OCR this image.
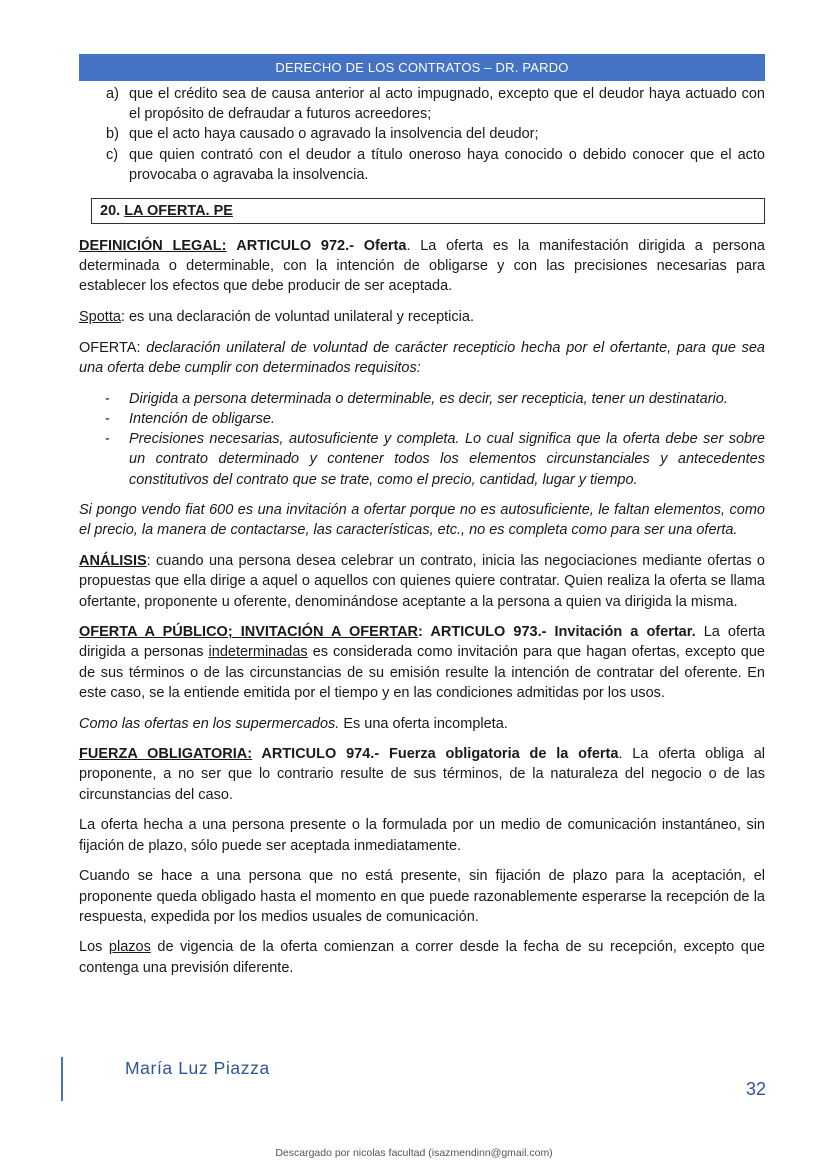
DERECHO DE LOS CONTRATOS – DR. PARDO
a) que el crédito sea de causa anterior al acto impugnado, excepto que el deudor haya actuado con el propósito de defraudar a futuros acreedores;
b) que el acto haya causado o agravado la insolvencia del deudor;
c) que quien contrató con el deudor a título oneroso haya conocido o debido conocer que el acto provocaba o agravaba la insolvencia.
20. LA OFERTA. PE

DEFINICIÓN LEGAL: ARTICULO 972.- Oferta. La oferta es la manifestación dirigida a persona determinada o determinable, con la intención de obligarse y con las precisiones necesarias para establecer los efectos que debe producir de ser aceptada.

Spotta: es una declaración de voluntad unilateral y recepticia.

OFERTA: declaración unilateral de voluntad de carácter recepticio hecha por el ofertante, para que sea una oferta debe cumplir con determinados requisitos:

- Dirigida a persona determinada o determinable, es decir, ser recepticia, tener un destinatario.
- Intención de obligarse.
- Precisiones necesarias, autosuficiente y completa. Lo cual significa que la oferta debe ser sobre un contrato determinado y contener todos los elementos circunstanciales y antecedentes constitutivos del contrato que se trate, como el precio, cantidad, lugar y tiempo.

Si pongo vendo fiat 600 es una invitación a ofertar porque no es autosuficiente, le faltan elementos, como el precio, la manera de contactarse, las características, etc., no es completa como para ser una oferta.

ANÁLISIS: cuando una persona desea celebrar un contrato, inicia las negociaciones mediante ofertas o propuestas que ella dirige a aquel o aquellos con quienes quiere contratar. Quien realiza la oferta se llama ofertante, proponente u oferente, denominándose aceptante a la persona a quien va dirigida la misma.

OFERTA A PÚBLICO; INVITACIÓN A OFERTAR: ARTICULO 973.- Invitación a ofertar. La oferta dirigida a personas indeterminadas es considerada como invitación para que hagan ofertas, excepto que de sus términos o de las circunstancias de su emisión resulte la intención de contratar del oferente. En este caso, se la entiende emitida por el tiempo y en las condiciones admitidas por los usos.

Como las ofertas en los supermercados. Es una oferta incompleta.

FUERZA OBLIGATORIA: ARTICULO 974.- Fuerza obligatoria de la oferta. La oferta obliga al proponente, a no ser que lo contrario resulte de sus términos, de la naturaleza del negocio o de las circunstancias del caso.

La oferta hecha a una persona presente o la formulada por un medio de comunicación instantáneo, sin fijación de plazo, sólo puede ser aceptada inmediatamente.

Cuando se hace a una persona que no está presente, sin fijación de plazo para la aceptación, el proponente queda obligado hasta el momento en que puede razonablemente esperarse la recepción de la respuesta, expedida por los medios usuales de comunicación.

Los plazos de vigencia de la oferta comienzan a correr desde la fecha de su recepción, excepto que contenga una previsión diferente.

María Luz Piazza
32
Descargado por nicolas facultad (isazmendinn@gmail.com)
